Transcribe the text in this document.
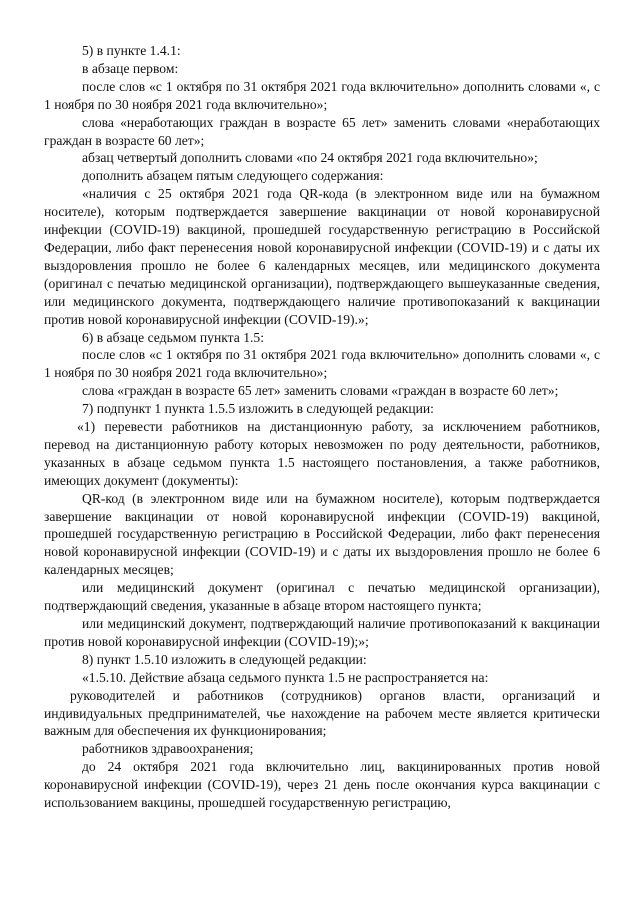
5) в пункте 1.4.1:

в абзаце первом:

после слов «с 1 октября по 31 октября 2021 года включительно» дополнить словами «, с 1 ноября по 30 ноября 2021 года включительно»;

слова «неработающих граждан в возрасте 65 лет» заменить словами «неработающих граждан в возрасте 60 лет»;

абзац четвертый дополнить словами «по 24 октября 2021 года включительно»;

дополнить абзацем пятым следующего содержания:

«наличия с 25 октября 2021 года QR-кода (в электронном виде или на бумажном носителе), которым подтверждается завершение вакцинации от новой коронавирусной инфекции (COVID-19) вакциной, прошедшей государственную регистрацию в Российской Федерации, либо факт перенесения новой коронавирусной инфекции (COVID-19) и с даты их выздоровления прошло не более 6 календарных месяцев, или медицинского документа (оригинал с печатью медицинской организации), подтверждающего вышеуказанные сведения, или медицинского документа, подтверждающего наличие противопоказаний к вакцинации против новой коронавирусной инфекции (COVID-19).»;

6) в абзаце седьмом пункта 1.5:

после слов «с 1 октября по 31 октября 2021 года включительно» дополнить словами «, с 1 ноября по 30 ноября 2021 года включительно»;

слова «граждан в возрасте 65 лет» заменить словами «граждан в возрасте 60 лет»;

7) подпункт 1 пункта 1.5.5 изложить в следующей редакции:

«1) перевести работников на дистанционную работу, за исключением работников, перевод на дистанционную работу которых невозможен по роду деятельности, работников, указанных в абзаце седьмом пункта 1.5 настоящего постановления, а также работников, имеющих документ (документы):

QR-код (в электронном виде или на бумажном носителе), которым подтверждается завершение вакцинации от новой коронавирусной инфекции (COVID-19) вакциной, прошедшей государственную регистрацию в Российской Федерации, либо факт перенесения новой коронавирусной инфекции (COVID-19) и с даты их выздоровления прошло не более 6 календарных месяцев;

или медицинский документ (оригинал с печатью медицинской организации), подтверждающий сведения, указанные в абзаце втором настоящего пункта;

или медицинский документ, подтверждающий наличие противопоказаний к вакцинации против новой коронавирусной инфекции (COVID-19);»;

8) пункт 1.5.10 изложить в следующей редакции:

«1.5.10. Действие абзаца седьмого пункта 1.5 не распространяется на:

руководителей и работников (сотрудников) органов власти, организаций и индивидуальных предпринимателей, чье нахождение на рабочем месте является критически важным для обеспечения их функционирования;

работников здравоохранения;

до 24 октября 2021 года включительно лиц, вакцинированных против новой коронавирусной инфекции (COVID-19), через 21 день после окончания курса вакцинации с использованием вакцины, прошедшей государственную регистрацию,
